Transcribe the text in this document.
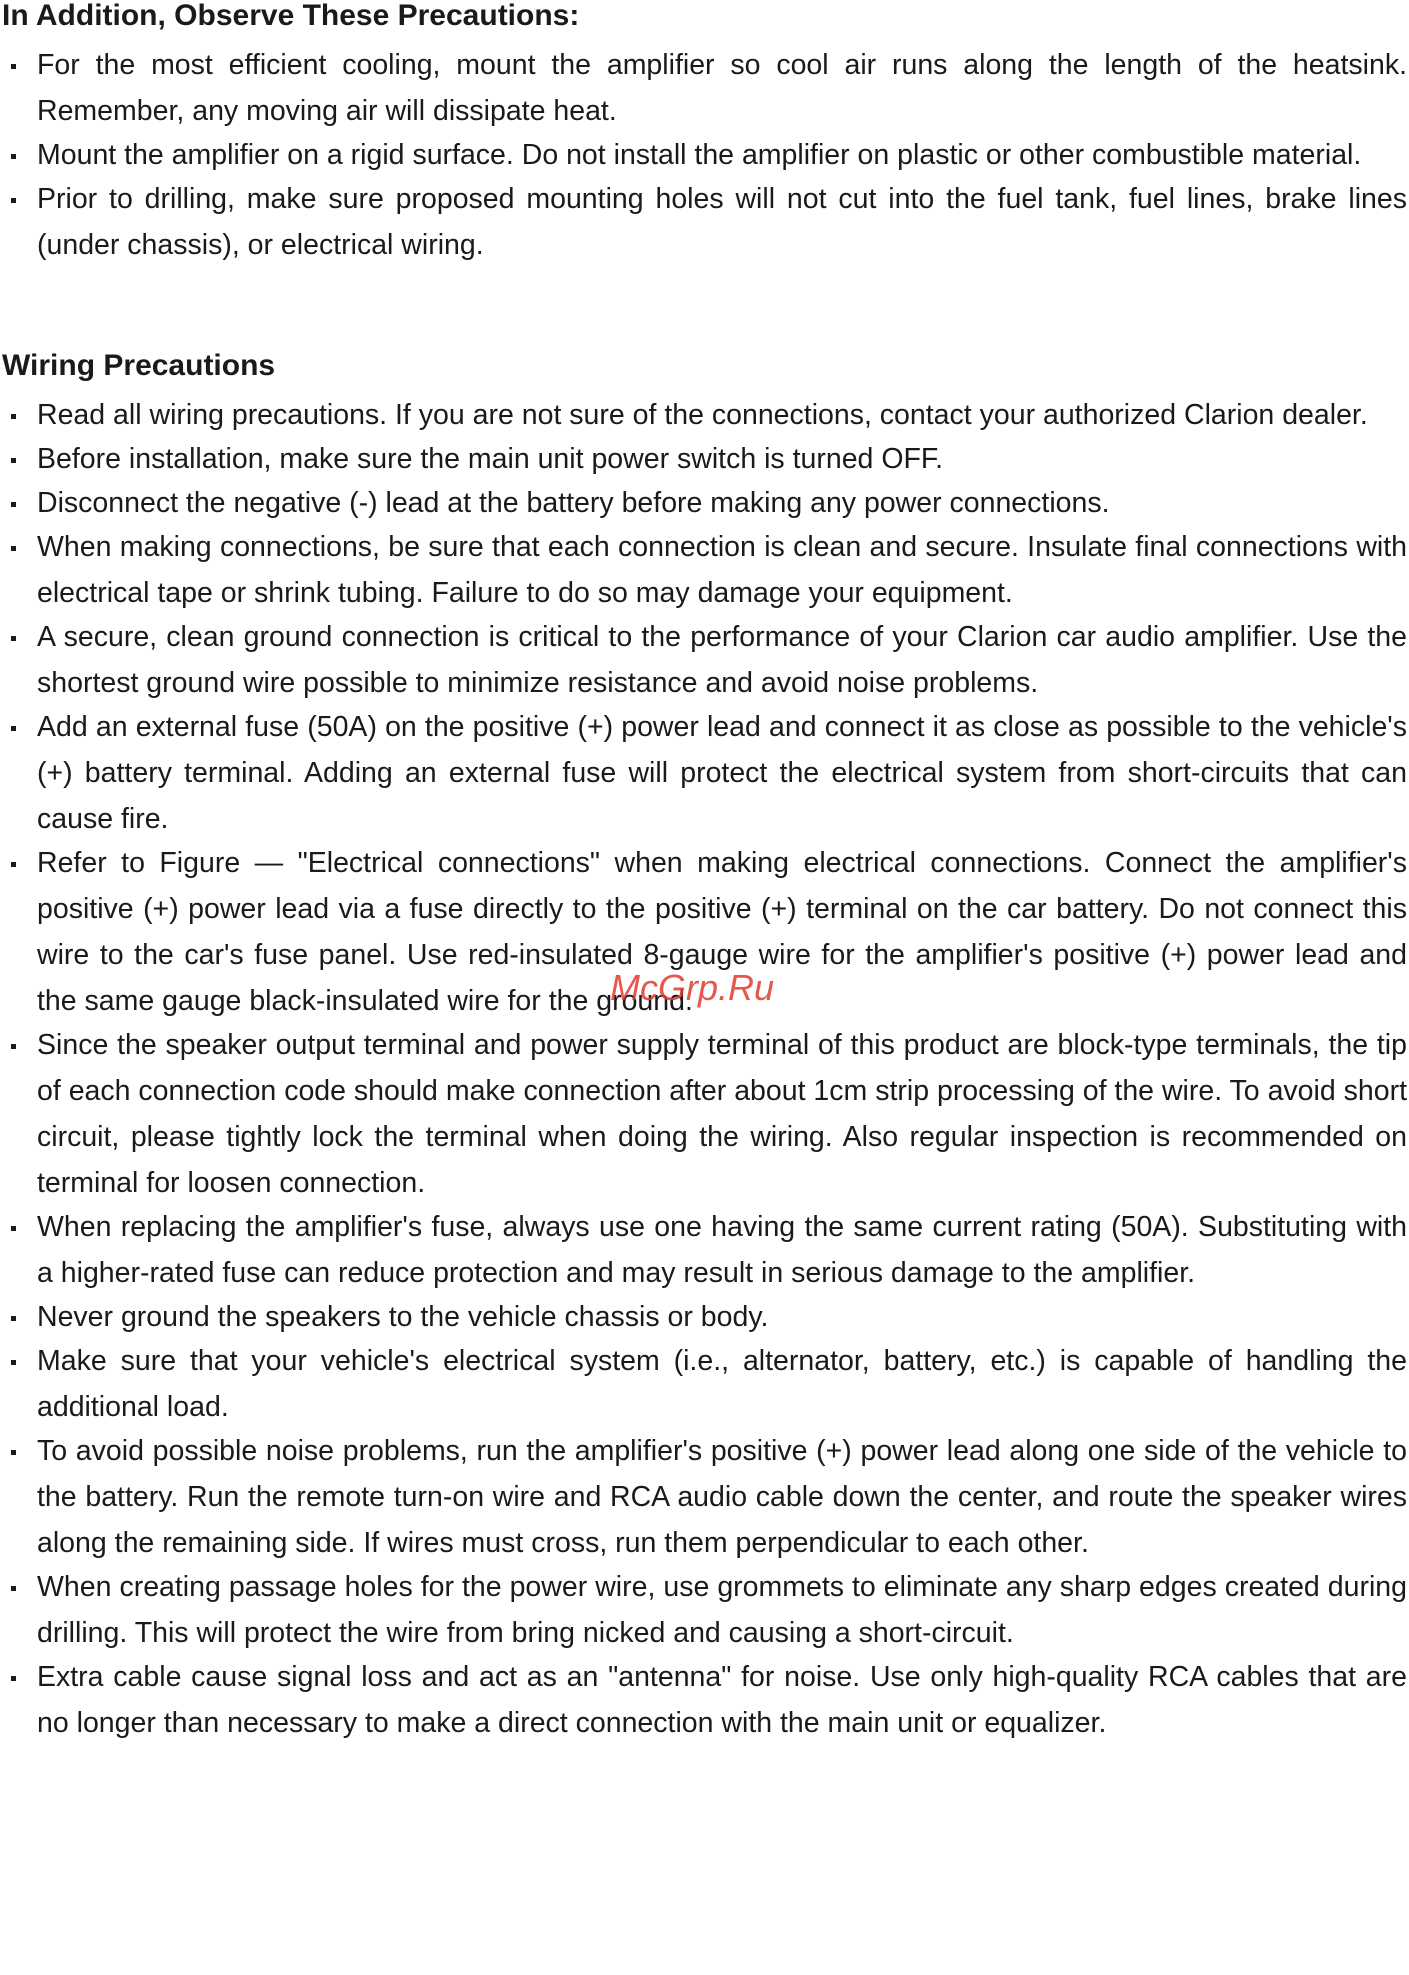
In Addition, Observe These Precautions:
For the most efficient cooling, mount the amplifier so cool air runs along the length of the heatsink. Remember, any moving air will dissipate heat.
Mount the amplifier on a rigid surface. Do not install the amplifier on plastic or other combustible material.
Prior to drilling, make sure proposed mounting holes will not cut into the fuel tank, fuel lines, brake lines (under chassis), or electrical wiring.
Wiring Precautions
Read all wiring precautions. If you are not sure of the connections, contact your authorized Clarion dealer.
Before installation, make sure the main unit power switch is turned OFF.
Disconnect the negative (-) lead at the battery before making any power connections.
When making connections, be sure that each connection is clean and secure. Insulate final connections with electrical tape or shrink tubing. Failure to do so may damage your equipment.
A secure, clean ground connection is critical to the performance of your Clarion car audio amplifier. Use the shortest ground wire possible to minimize resistance and avoid noise problems.
Add an external fuse (50A) on the positive (+) power lead and connect it as close as possible to the vehicle's (+) battery terminal. Adding an external fuse will protect the electrical system from short-circuits that can cause fire.
Refer to Figure — "Electrical connections" when making electrical connections. Connect the amplifier's positive (+) power lead via a fuse directly to the positive (+) terminal on the car battery. Do not connect this wire to the car's fuse panel. Use red-insulated 8-gauge wire for the amplifier's positive (+) power lead and the same gauge black-insulated wire for the ground.
Since the speaker output terminal and power supply terminal of this product are block-type terminals, the tip of each connection code should make connection after about 1cm strip processing of the wire. To avoid short circuit, please tightly lock the terminal when doing the wiring. Also regular inspection is recommended on terminal for loosen connection.
When replacing the amplifier's fuse, always use one having the same current rating (50A). Substituting with a higher-rated fuse can reduce protection and may result in serious damage to the amplifier.
Never ground the speakers to the vehicle chassis or body.
Make sure that your vehicle's electrical system (i.e., alternator, battery, etc.) is capable of handling the additional load.
To avoid possible noise problems, run the amplifier's positive (+) power lead along one side of the vehicle to the battery. Run the remote turn-on wire and RCA audio cable down the center, and route the speaker wires along the remaining side. If wires must cross, run them perpendicular to each other.
When creating passage holes for the power wire, use grommets to eliminate any sharp edges created during drilling. This will protect the wire from bring nicked and causing a short-circuit.
Extra cable cause signal loss and act as an "antenna" for noise. Use only high-quality RCA cables that are no longer than necessary to make a direct connection with the main unit or equalizer.
McGrp.Ru
